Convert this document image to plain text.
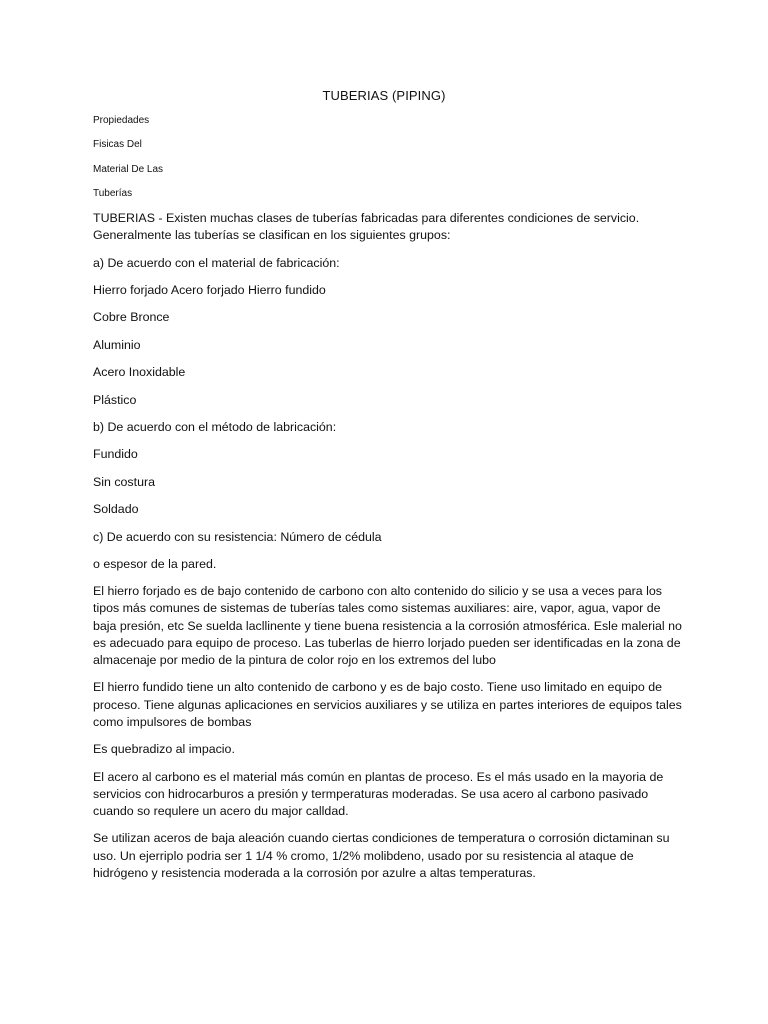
TUBERIAS (PIPING)
Propiedades
Fisicas Del
Material De Las
Tuberías

TUBERIAS - Existen muchas clases de tuberías fabricadas para diferentes condiciones de servicio. Generalmente las tuberías se clasifican en los siguientes grupos:

a) De acuerdo con el material de fabricación:

Hierro forjado Acero forjado Hierro fundido

Cobre Bronce

Aluminio

Acero Inoxidable

Plástico

b) De acuerdo con el método de labricación:

Fundido

Sin costura

Soldado

c) De acuerdo con su resistencia: Número de cédula

o espesor de la pared.

El hierro forjado es de bajo contenido de carbono con alto contenido do silicio y se usa a veces para los tipos más comunes de sistemas de tuberías tales como sistemas auxiliares: aire, vapor, agua, vapor de baja presión, etc Se suelda lacllinente y tiene buena resistencia a la corrosión atmosférica. Esle malerial no es adecuado para equipo de proceso. Las tuberlas de hierro lorjado pueden ser identificadas en la zona de almacenaje por medio de la pintura de color rojo en los extremos del lubo

El hierro fundido tiene un alto contenido de carbono y es de bajo costo. Tiene uso limitado en equipo de proceso. Tiene algunas aplicaciones en servicios auxiliares y se utiliza en partes interiores de equipos tales como impulsores de bombas

Es quebradizo al impacio.

El acero al carbono es el material más común en plantas de proceso. Es el más usado en la mayoria de servicios con hidrocarburos a presión y termperaturas moderadas. Se usa acero al carbono pasivado cuando so requlere un acero du major calldad.

Se utilizan aceros de baja aleación cuando ciertas condiciones de temperatura o corrosión dictaminan su uso. Un ejerriplo podria ser 1 1/4 % cromo, 1/2% molibdeno, usado por su resistencia al ataque de hidrógeno y resistencia moderada a la corrosión por azulre a altas temperaturas.
